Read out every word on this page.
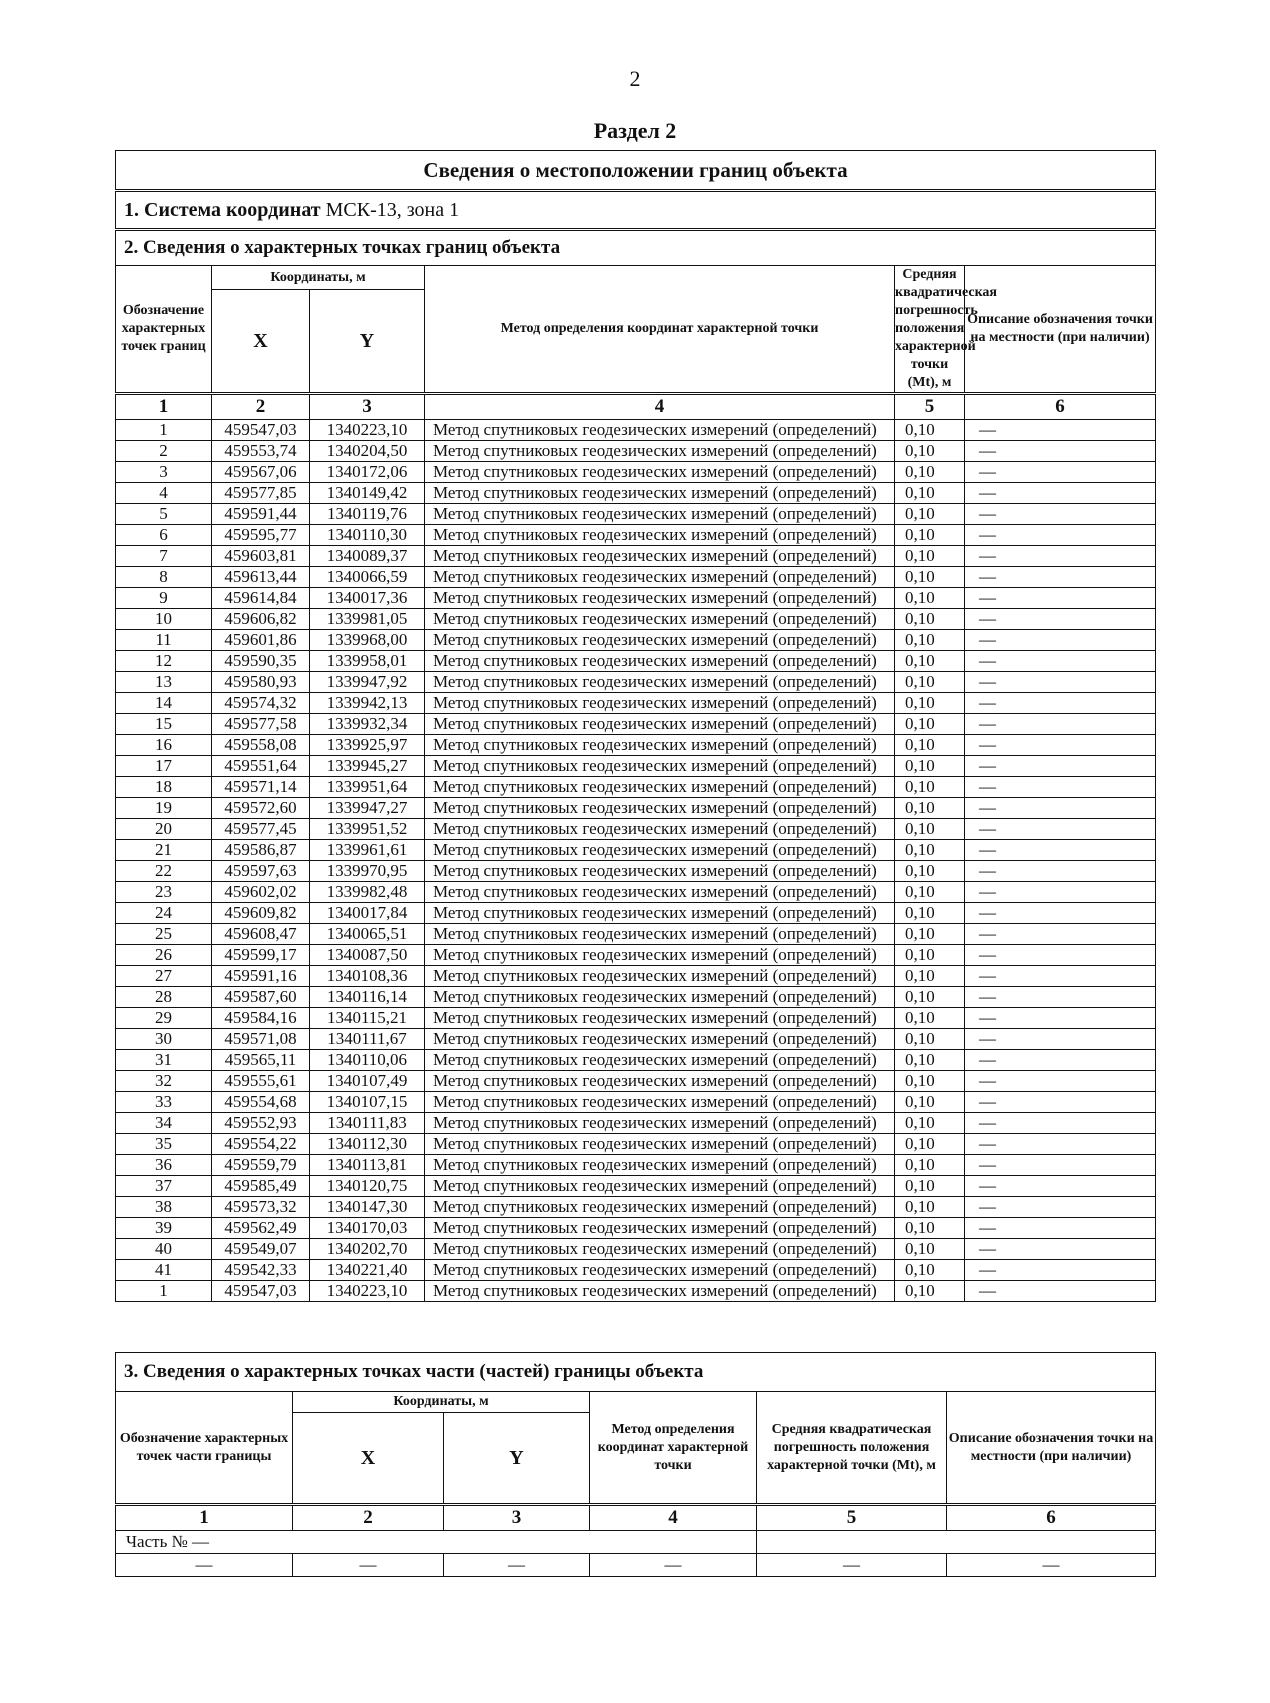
2
Раздел 2
Сведения о местоположении границ объекта					
1. Система координат МСК-13, зона 1					
2. Сведения о характерных точках границ объекта					
Обозначение характерных точек границ	Координаты, м		Метод определения координат характерной точки	Средняя квадратическая погрешность положения характерной точки (Mt), м	Описание обозначения точки на местности (при наличии)
	X	Y			
1	2	3	4	5	6
1	459547,03	1340223,10	Метод спутниковых геодезических измерений (определений)	0,10	—
2	459553,74	1340204,50	Метод спутниковых геодезических измерений (определений)	0,10	—
3	459567,06	1340172,06	Метод спутниковых геодезических измерений (определений)	0,10	—
4	459577,85	1340149,42	Метод спутниковых геодезических измерений (определений)	0,10	—
5	459591,44	1340119,76	Метод спутниковых геодезических измерений (определений)	0,10	—
6	459595,77	1340110,30	Метод спутниковых геодезических измерений (определений)	0,10	—
7	459603,81	1340089,37	Метод спутниковых геодезических измерений (определений)	0,10	—
8	459613,44	1340066,59	Метод спутниковых геодезических измерений (определений)	0,10	—
9	459614,84	1340017,36	Метод спутниковых геодезических измерений (определений)	0,10	—
10	459606,82	1339981,05	Метод спутниковых геодезических измерений (определений)	0,10	—
11	459601,86	1339968,00	Метод спутниковых геодезических измерений (определений)	0,10	—
12	459590,35	1339958,01	Метод спутниковых геодезических измерений (определений)	0,10	—
13	459580,93	1339947,92	Метод спутниковых геодезических измерений (определений)	0,10	—
14	459574,32	1339942,13	Метод спутниковых геодезических измерений (определений)	0,10	—
15	459577,58	1339932,34	Метод спутниковых геодезических измерений (определений)	0,10	—
16	459558,08	1339925,97	Метод спутниковых геодезических измерений (определений)	0,10	—
17	459551,64	1339945,27	Метод спутниковых геодезических измерений (определений)	0,10	—
18	459571,14	1339951,64	Метод спутниковых геодезических измерений (определений)	0,10	—
19	459572,60	1339947,27	Метод спутниковых геодезических измерений (определений)	0,10	—
20	459577,45	1339951,52	Метод спутниковых геодезических измерений (определений)	0,10	—
21	459586,87	1339961,61	Метод спутниковых геодезических измерений (определений)	0,10	—
22	459597,63	1339970,95	Метод спутниковых геодезических измерений (определений)	0,10	—
23	459602,02	1339982,48	Метод спутниковых геодезических измерений (определений)	0,10	—
24	459609,82	1340017,84	Метод спутниковых геодезических измерений (определений)	0,10	—
25	459608,47	1340065,51	Метод спутниковых геодезических измерений (определений)	0,10	—
26	459599,17	1340087,50	Метод спутниковых геодезических измерений (определений)	0,10	—
27	459591,16	1340108,36	Метод спутниковых геодезических измерений (определений)	0,10	—
28	459587,60	1340116,14	Метод спутниковых геодезических измерений (определений)	0,10	—
29	459584,16	1340115,21	Метод спутниковых геодезических измерений (определений)	0,10	—
30	459571,08	1340111,67	Метод спутниковых геодезических измерений (определений)	0,10	—
31	459565,11	1340110,06	Метод спутниковых геодезических измерений (определений)	0,10	—
32	459555,61	1340107,49	Метод спутниковых геодезических измерений (определений)	0,10	—
33	459554,68	1340107,15	Метод спутниковых геодезических измерений (определений)	0,10	—
34	459552,93	1340111,83	Метод спутниковых геодезических измерений (определений)	0,10	—
35	459554,22	1340112,30	Метод спутниковых геодезических измерений (определений)	0,10	—
36	459559,79	1340113,81	Метод спутниковых геодезических измерений (определений)	0,10	—
37	459585,49	1340120,75	Метод спутниковых геодезических измерений (определений)	0,10	—
38	459573,32	1340147,30	Метод спутниковых геодезических измерений (определений)	0,10	—
39	459562,49	1340170,03	Метод спутниковых геодезических измерений (определений)	0,10	—
40	459549,07	1340202,70	Метод спутниковых геодезических измерений (определений)	0,10	—
41	459542,33	1340221,40	Метод спутниковых геодезических измерений (определений)	0,10	—
1	459547,03	1340223,10	Метод спутниковых геодезических измерений (определений)	0,10	—
3. Сведения о характерных точках части (частей) границы объекта					
Обозначение характерных точек части границы	Координаты, м		Метод определения координат характерной точки	Средняя квадратическая погрешность положения характерной точки (Mt), м	Описание обозначения точки на местности (при наличии)
	X	Y			
1	2	3	4	5	6
Часть № —					
—	—	—	—	—	—
